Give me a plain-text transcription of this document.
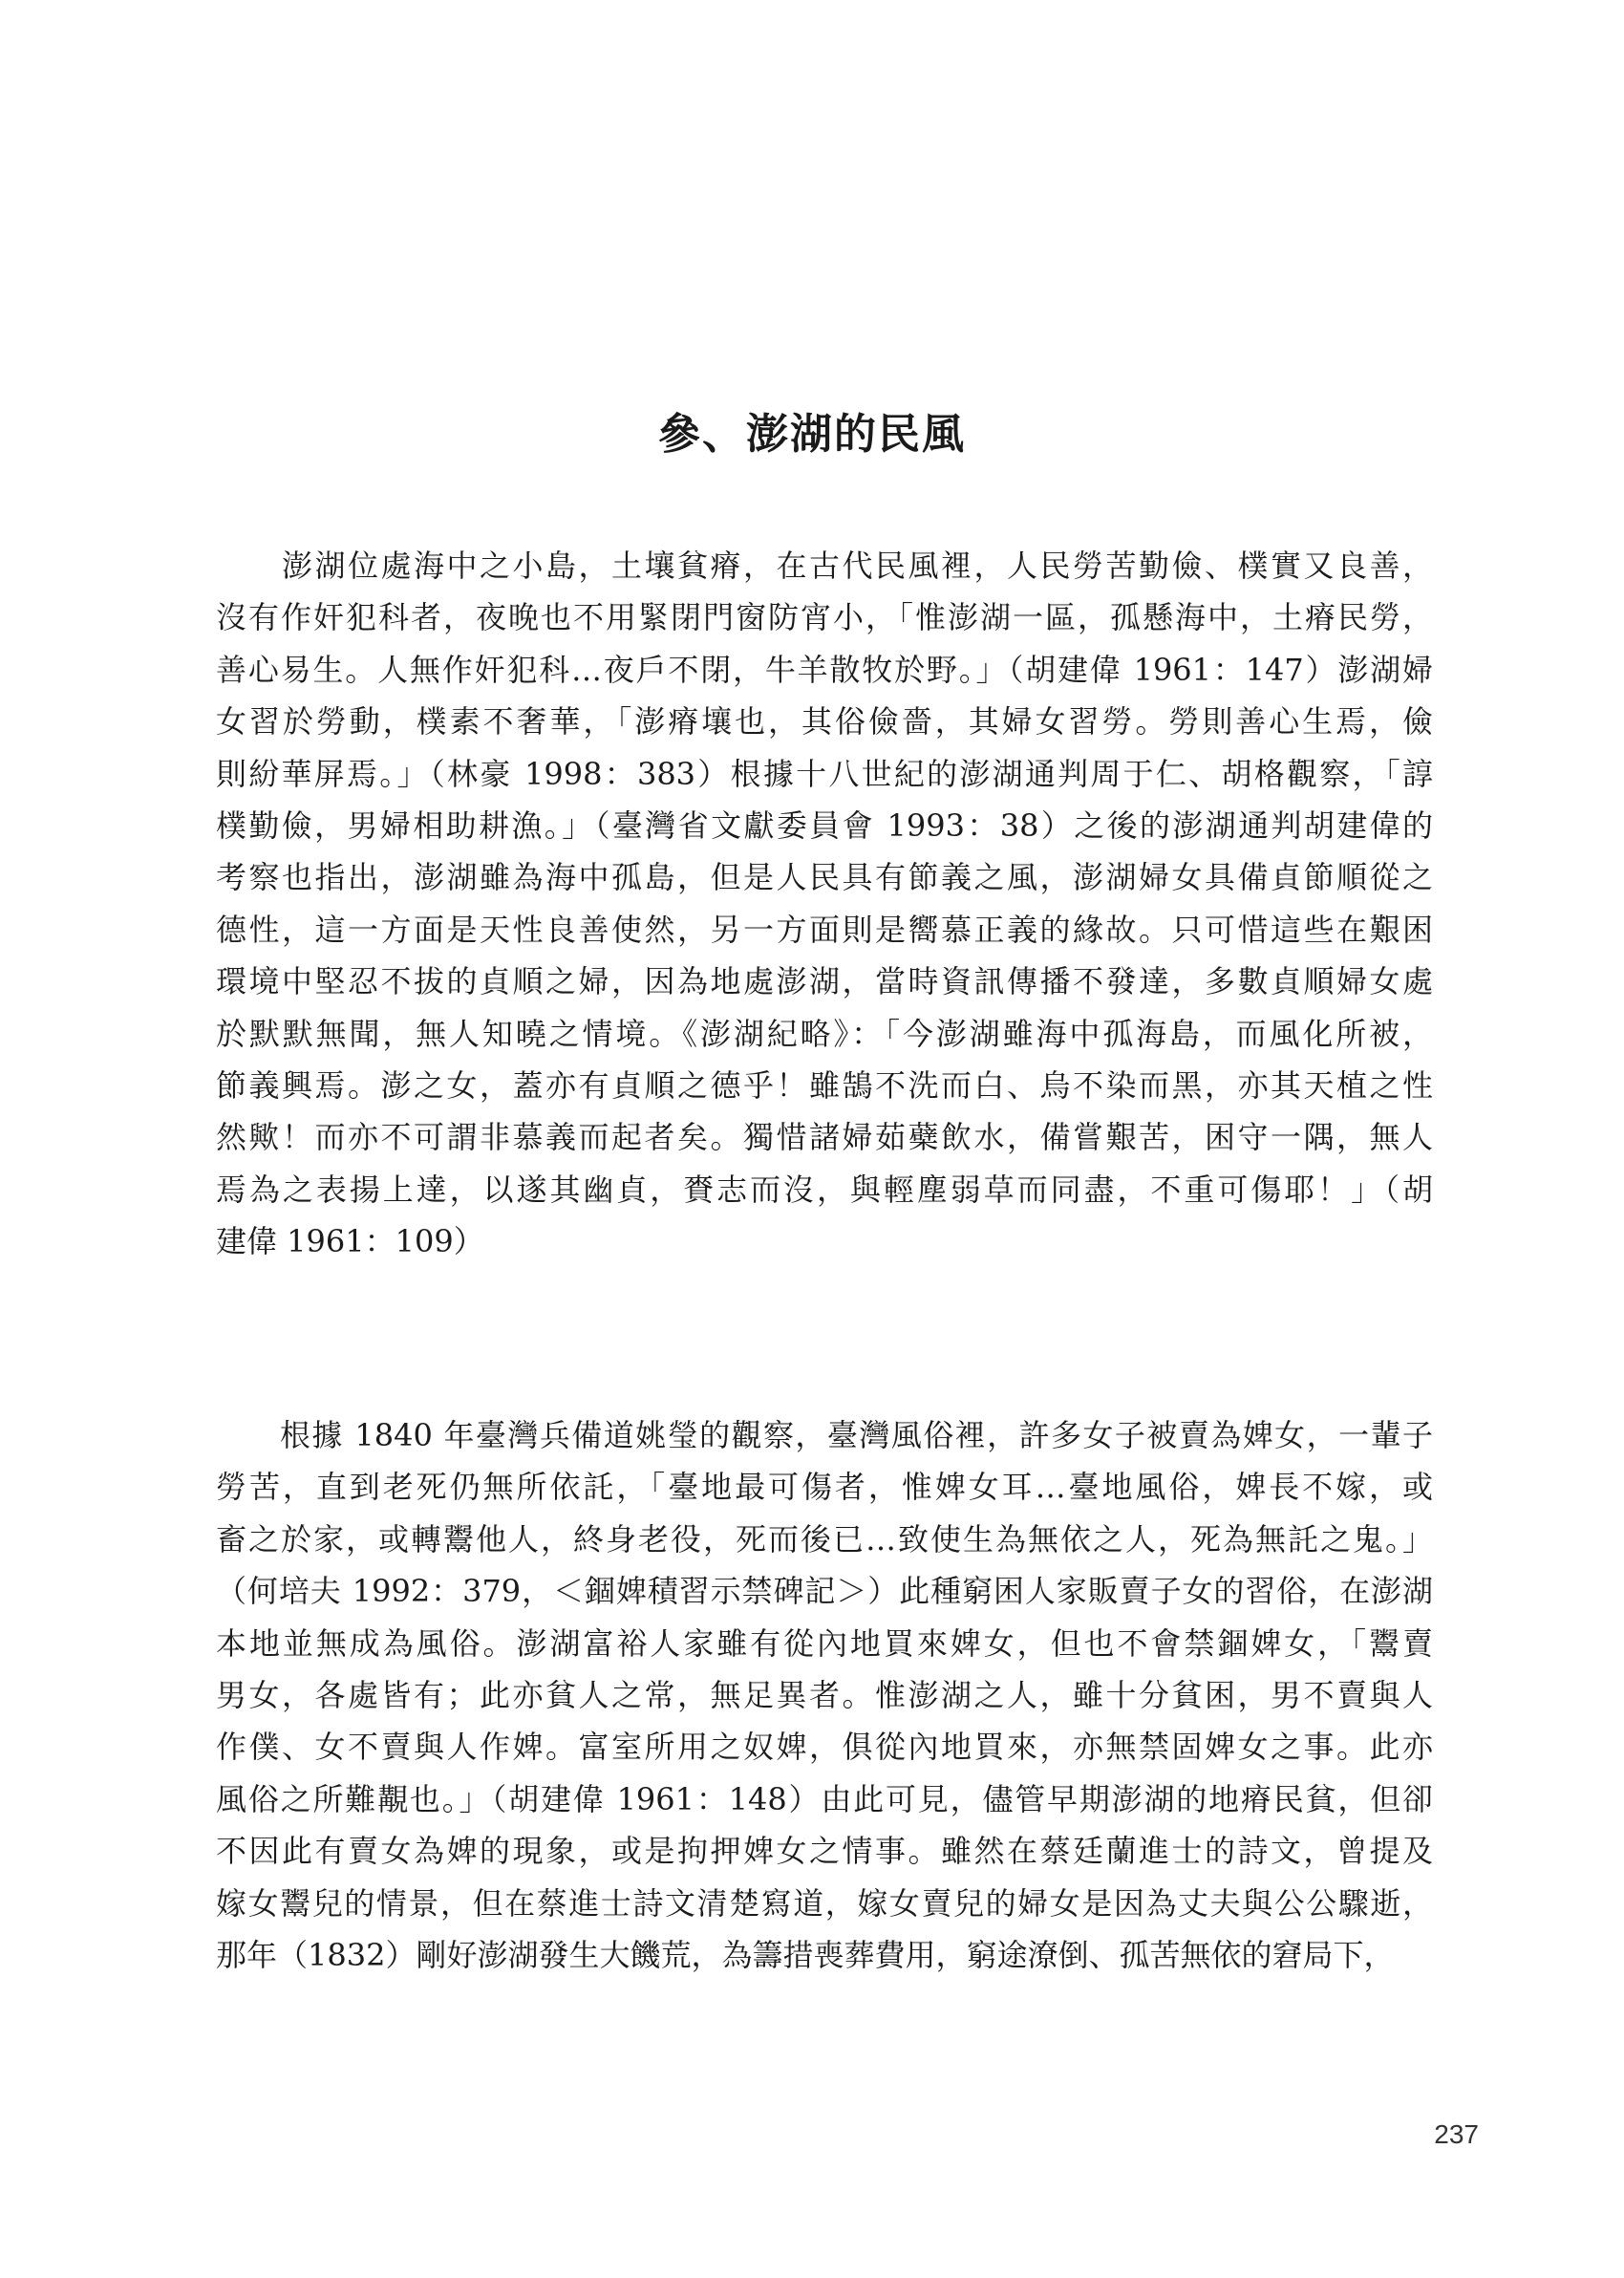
參、澎湖的民風
　　澎湖位處海中之小島，土壤貧瘠，在古代民風裡，人民勞苦勤儉、樸實又良善，
沒有作奸犯科者，夜晚也不用緊閉門窗防宵小，「惟澎湖一區，孤懸海中，土瘠民勞，
善心易生。人無作奸犯科…夜戶不閉，牛羊散牧於野。」（胡建偉 1961：147）澎湖婦
女習於勞動，樸素不奢華，「澎瘠壤也，其俗儉嗇，其婦女習勞。勞則善心生焉，儉
則紛華屏焉。」（林豪 1998：383）根據十八世紀的澎湖通判周于仁、胡格觀察，「諄
樸勤儉，男婦相助耕漁。」（臺灣省文獻委員會 1993：38）之後的澎湖通判胡建偉的
考察也指出，澎湖雖為海中孤島，但是人民具有節義之風，澎湖婦女具備貞節順從之
德性，這一方面是天性良善使然，另一方面則是嚮慕正義的緣故。只可惜這些在艱困
環境中堅忍不拔的貞順之婦，因為地處澎湖，當時資訊傳播不發達，多數貞順婦女處
於默默無聞，無人知曉之情境。《澎湖紀略》：「今澎湖雖海中孤海島，而風化所被，
節義興焉。澎之女，蓋亦有貞順之德乎！雖鵠不洗而白、烏不染而黑，亦其天植之性
然歟！而亦不可謂非慕義而起者矣。獨惜諸婦茹蘗飲水，備嘗艱苦，困守一隅，無人
焉為之表揚上達，以遂其幽貞，賚志而沒，與輕塵弱草而同盡，不重可傷耶！」（胡
建偉 1961：109）
　　根據 1840 年臺灣兵備道姚瑩的觀察，臺灣風俗裡，許多女子被賣為婢女，一輩子
勞苦，直到老死仍無所依託，「臺地最可傷者，惟婢女耳…臺地風俗，婢長不嫁，或
畜之於家，或轉鬻他人，終身老役，死而後已…致使生為無依之人，死為無託之鬼。」
（何培夫 1992：379，＜錮婢積習示禁碑記＞）此種窮困人家販賣子女的習俗，在澎湖
本地並無成為風俗。澎湖富裕人家雖有從內地買來婢女，但也不會禁錮婢女，「鬻賣
男女，各處皆有；此亦貧人之常，無足異者。惟澎湖之人，雖十分貧困，男不賣與人
作僕、女不賣與人作婢。富室所用之奴婢，俱從內地買來，亦無禁固婢女之事。此亦
風俗之所難覯也。」（胡建偉 1961：148）由此可見，儘管早期澎湖的地瘠民貧，但卻
不因此有賣女為婢的現象，或是拘押婢女之情事。雖然在蔡廷蘭進士的詩文，曾提及
嫁女鬻兒的情景，但在蔡進士詩文清楚寫道，嫁女賣兒的婦女是因為丈夫與公公驟逝，
那年（1832）剛好澎湖發生大饑荒，為籌措喪葬費用，窮途潦倒、孤苦無依的窘局下，
237
